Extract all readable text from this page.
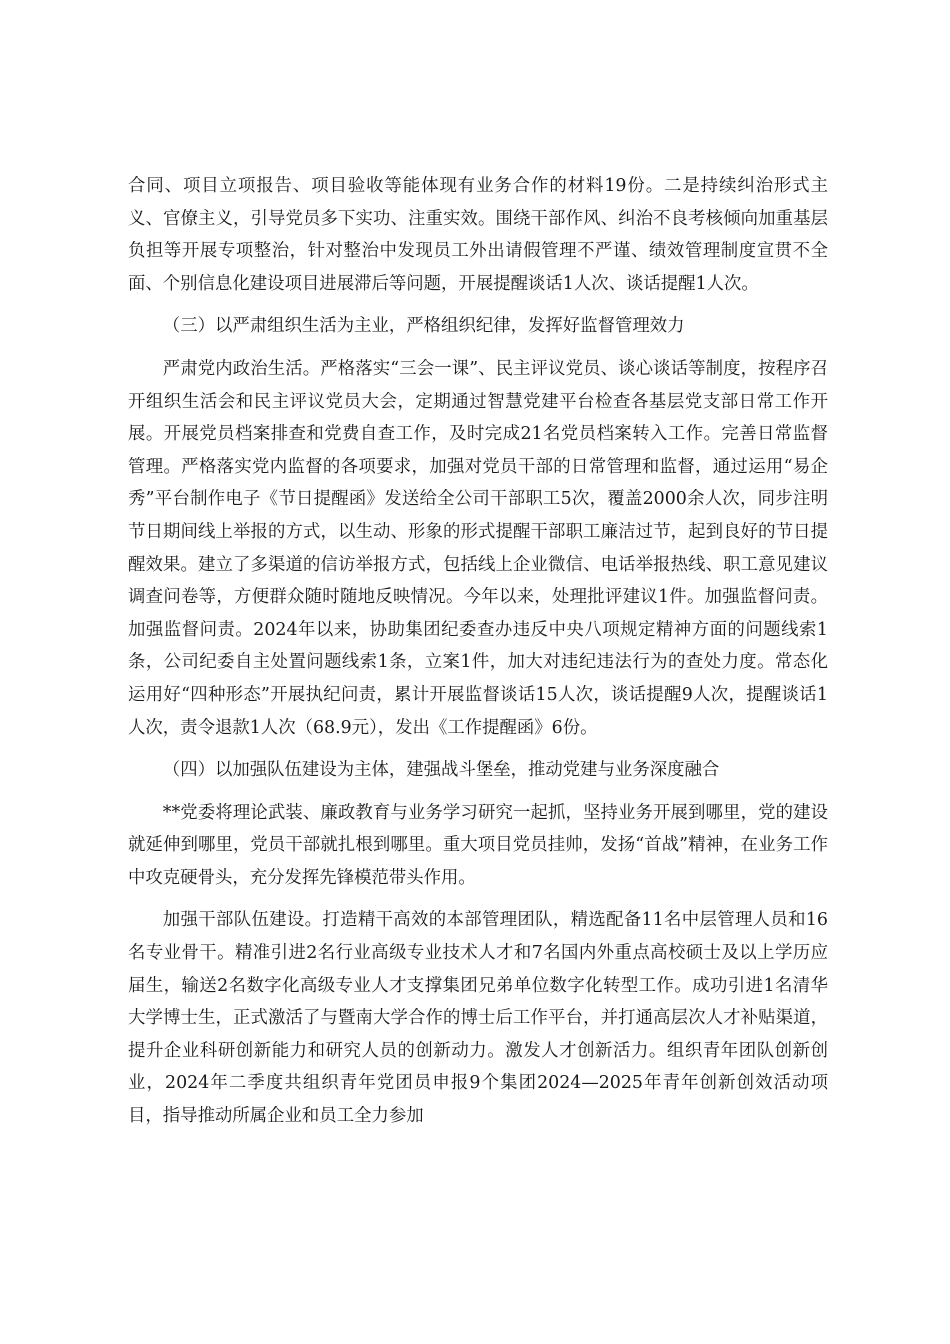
合同、项目立项报告、项目验收等能体现有业务合作的材料19份。二是持续纠治形式主义、官僚主义，引导党员多下实功、注重实效。围绕干部作风、纠治不良考核倾向加重基层负担等开展专项整治，针对整治中发现员工外出请假管理不严谨、绩效管理制度宣贯不全面、个别信息化建设项目进展滞后等问题，开展提醒谈话1人次、谈话提醒1人次。

（三）以严肃组织生活为主业，严格组织纪律，发挥好监督管理效力

严肃党内政治生活。严格落实“三会一课”、民主评议党员、谈心谈话等制度，按程序召开组织生活会和民主评议党员大会，定期通过智慧党建平台检查各基层党支部日常工作开展。开展党员档案排查和党费自查工作，及时完成21名党员档案转入工作。完善日常监督管理。严格落实党内监督的各项要求，加强对党员干部的日常管理和监督，通过运用“易企秀”平台制作电子《节日提醒函》发送给全公司干部职工5次，覆盖2000余人次，同步注明节日期间线上举报的方式，以生动、形象的形式提醒干部职工廉洁过节，起到良好的节日提醒效果。建立了多渠道的信访举报方式，包括线上企业微信、电话举报热线、职工意见建议调查问卷等，方便群众随时随地反映情况。今年以来，处理批评建议1件。加强监督问责。加强监督问责。2024年以来，协助集团纪委查办违反中央八项规定精神方面的问题线索1条，公司纪委自主处置问题线索1条，立案1件，加大对违纪违法行为的查处力度。常态化运用好“四种形态”开展执纪问责，累计开展监督谈话15人次，谈话提醒9人次，提醒谈话1人次，责令退款1人次（68.9元），发出《工作提醒函》6份。

（四）以加强队伍建设为主体，建强战斗堡垒，推动党建与业务深度融合

**党委将理论武装、廉政教育与业务学习研究一起抓，坚持业务开展到哪里，党的建设就延伸到哪里，党员干部就扎根到哪里。重大项目党员挂帅，发扬“首战”精神，在业务工作中攻克硬骨头，充分发挥先锋模范带头作用。

加强干部队伍建设。打造精干高效的本部管理团队，精选配备11名中层管理人员和16名专业骨干。精准引进2名行业高级专业技术人才和7名国内外重点高校硕士及以上学历应届生，输送2名数字化高级专业人才支撑集团兄弟单位数字化转型工作。成功引进1名清华大学博士生，正式激活了与暨南大学合作的博士后工作平台，并打通高层次人才补贴渠道，提升企业科研创新能力和研究人员的创新动力。激发人才创新活力。组织青年团队创新创业，2024年二季度共组织青年党团员申报9个集团2024—2025年青年创新创效活动项目，指导推动所属企业和员工全力参加
